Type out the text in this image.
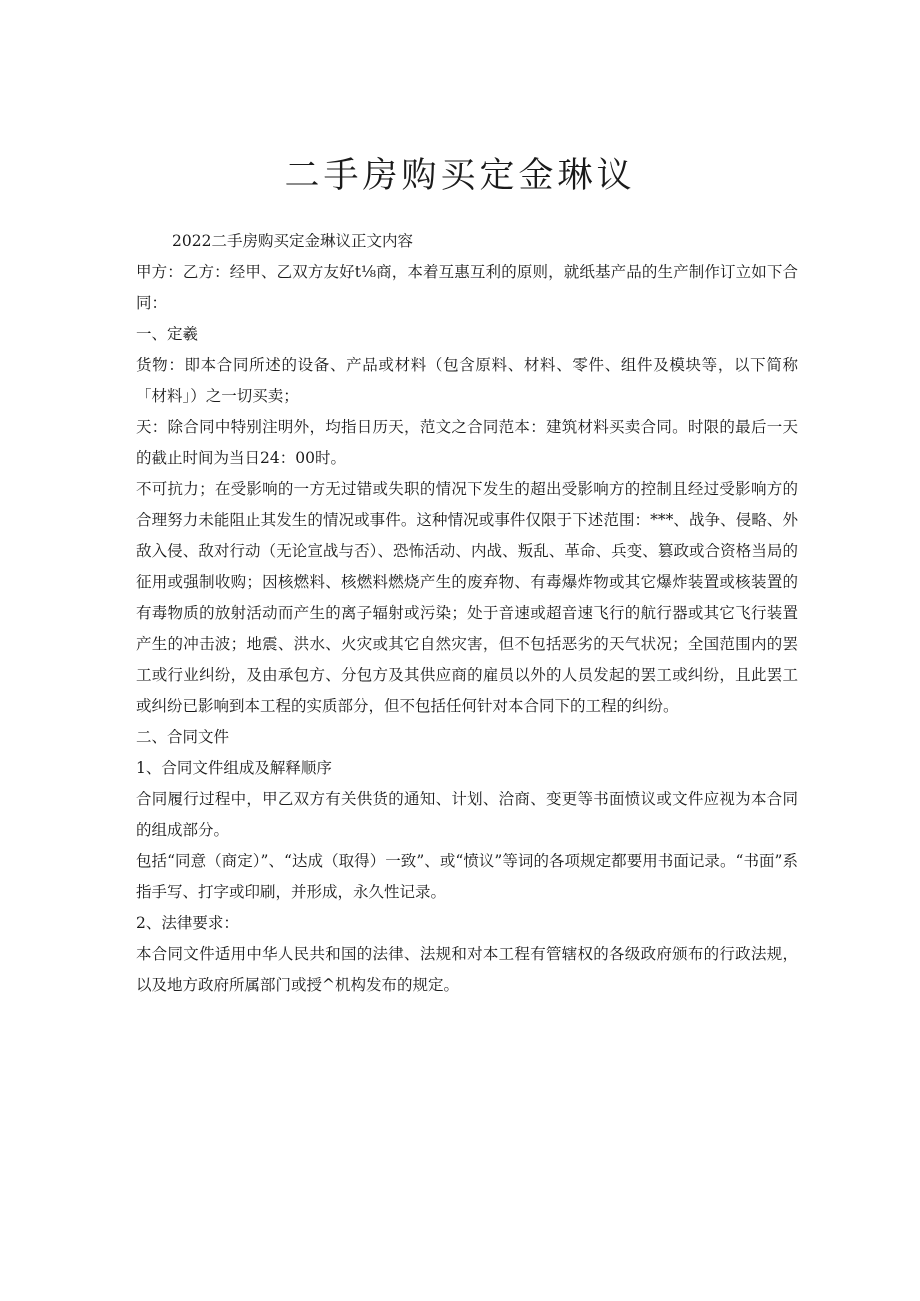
二手房购买定金琳议

2022二手房购买定金琳议正文内容

甲方：乙方：经甲、乙双方友好t⅛商，本着互惠互利的原则，就纸基产品的生产制作订立如下合同：

一、定羲

货物：即本合同所述的设备、产品或材料（包含原料、材料、零件、组件及模块等，以下简称「材料」）之一切买卖；

天：除合同中特别注明外，均指日历天，范文之合同范本：建筑材料买卖合同。时限的最后一天的截止时间为当日24：00时。

不可抗力；在受影响的一方无过错或失职的情况下发生的超出受影响方的控制且经过受影响方的合理努力未能阻止其发生的情况或事件。这种情况或事件仅限于下述范围：***、战争、侵略、外敌入侵、敌对行动（无论宣战与否）、恐怖活动、内战、叛乱、革命、兵变、篡政或合资格当局的征用或强制收购；因核燃料、核燃料燃烧产生的废弃物、有毒爆炸物或其它爆炸装置或核装置的有毒物质的放射活动而产生的离子辐射或污染；处于音速或超音速飞行的航行器或其它飞行装置产生的冲击波；地震、洪水、火灾或其它自然灾害，但不包括恶劣的天气状况；全国范围内的罢工或行业纠纷，及由承包方、分包方及其供应商的雇员以外的人员发起的罢工或纠纷，且此罢工或纠纷已影响到本工程的实质部分，但不包括任何针对本合同下的工程的纠纷。

二、合同文件

1、合同文件组成及解释顺序

合同履行过程中，甲乙双方有关供货的通知、计划、洽商、变更等书面愤议或文件应视为本合同的组成部分。

包括“同意（商定）”、“达成（取得）一致”、或“愤议”等词的各项规定都要用书面记录。“书面”系指手写、打字或印刷，并形成，永久性记录。

2、法律要求：

本合同文件适用中华人民共和国的法律、法规和对本工程有管辖权的各级政府颁布的行政法规，以及地方政府所属部门或授^机构发布的规定。
